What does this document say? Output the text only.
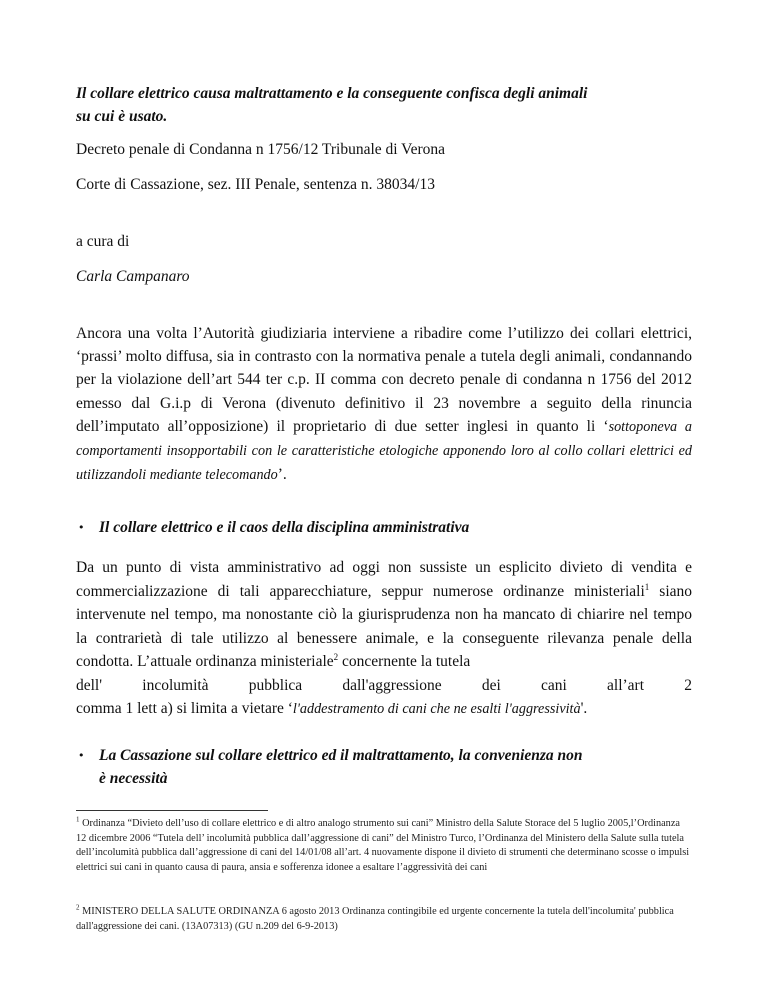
Il collare elettrico causa maltrattamento e la conseguente confisca degli animali
su cui è usato.
Decreto penale di Condanna n 1756/12 Tribunale di Verona
Corte di Cassazione, sez. III Penale, sentenza n. 38034/13
a cura di
Carla Campanaro
Ancora una volta l’Autorità giudiziaria interviene a ribadire come l’utilizzo dei collari elettrici, ‘prassi’ molto diffusa, sia in contrasto con la normativa penale a tutela degli animali, condannando per la violazione dell’art 544 ter c.p. II comma con decreto penale di condanna n 1756 del 2012 emesso dal G.i.p di Verona (divenuto definitivo il 23 novembre a seguito della rinuncia dell’imputato all’opposizione) il proprietario di due setter inglesi in quanto li ‘sottoponeva a comportamenti insopportabili con le caratteristiche etologiche apponendo loro al collo collari elettrici ed utilizzandoli mediante telecomando’.
• Il collare elettrico e il caos della disciplina amministrativa
Da un punto di vista amministrativo ad oggi non sussiste un esplicito divieto di vendita e commercializzazione di tali apparecchiature, seppur numerose ordinanze ministeriali$^1$ siano intervenute nel tempo, ma nonostante ciò la giurisprudenza non ha mancato di chiarire nel tempo la contrarietà di tale utilizzo al benessere animale, e la conseguente rilevanza penale della condotta. L’attuale ordinanza ministeriale$^2$ concernente la tutela
dell'	incolumità	pubblica	dall'aggressione	dei	cani	all’art	2
comma 1 lett a) si limita a vietare ‘l'addestramento di cani che ne esalti l'aggressività'.
• La Cassazione sul collare elettrico ed il maltrattamento, la convenienza non
è necessità
$^1$ Ordinanza “Divieto dell’uso di collare elettrico e di altro analogo strumento sui cani” Ministro della Salute Storace del 5 luglio 2005,l’Ordinanza 12 dicembre 2006 “Tutela dell’ incolumità pubblica dall’aggressione di cani” del Ministro Turco, l’Ordinanza del Ministero della Salute sulla tutela dell’incolumità pubblica dall’aggressione di cani del 14/01/08 all’art. 4 nuovamente dispone il divieto di strumenti che determinano scosse o impulsi elettrici sui cani in quanto causa di paura, ansia e sofferenza idonee a esaltare l’aggressività dei cani
$^2$ MINISTERO DELLA SALUTE ORDINANZA 6 agosto 2013 Ordinanza contingibile ed urgente concernente la tutela dell'incolumita' pubblica dall'aggressione dei cani. (13A07313) (GU n.209 del 6-9-2013)
